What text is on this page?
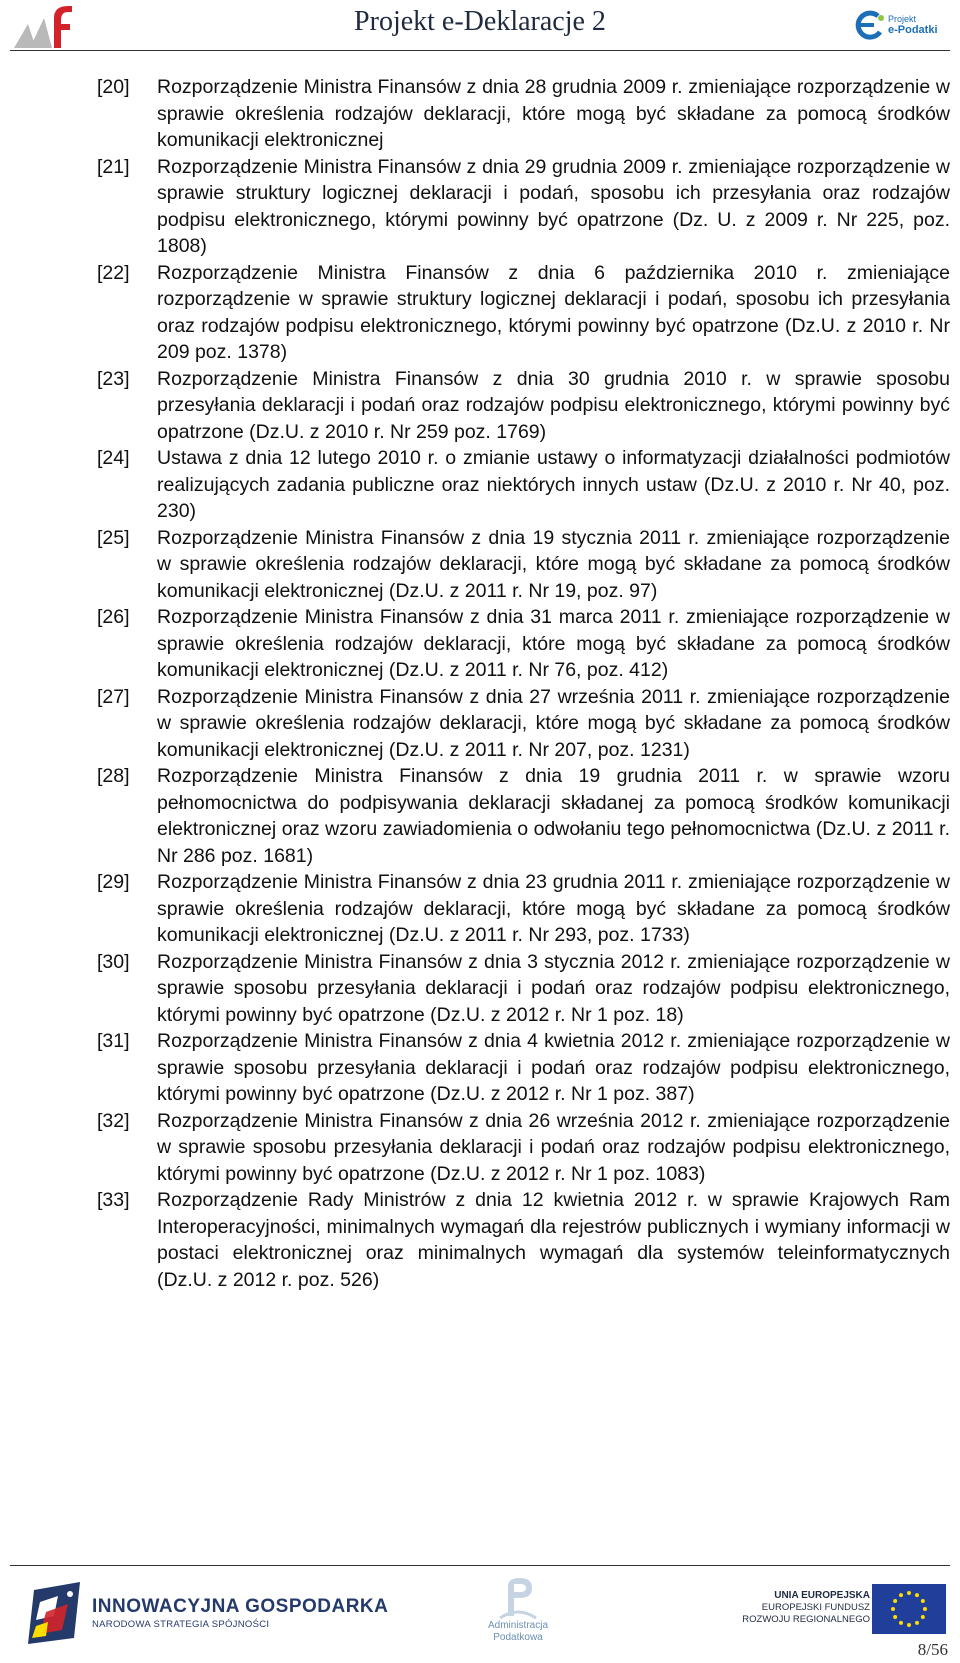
Projekt e-Deklaracje 2	Projekt
e-Podatki
[20]	Rozporządzenie Ministra Finansów z dnia 28 grudnia 2009 r. zmieniające rozporządzenie w sprawie określenia rodzajów deklaracji, które mogą być składane za pomocą środków komunikacji elektronicznej
[21]	Rozporządzenie Ministra Finansów z dnia 29 grudnia 2009 r. zmieniające rozporządzenie w sprawie struktury logicznej deklaracji i podań, sposobu ich przesyłania oraz rodzajów podpisu elektronicznego, którymi powinny być opatrzone (Dz. U. z 2009 r. Nr 225, poz. 1808)
[22]	Rozporządzenie Ministra Finansów z dnia 6 października 2010 r. zmieniające rozporządzenie w sprawie struktury logicznej deklaracji i podań, sposobu ich przesyłania oraz rodzajów podpisu elektronicznego, którymi powinny być opatrzone (Dz.U. z 2010 r. Nr 209 poz. 1378)
[23]	Rozporządzenie Ministra Finansów z dnia 30 grudnia 2010 r. w sprawie sposobu przesyłania deklaracji i podań oraz rodzajów podpisu elektronicznego, którymi powinny być opatrzone (Dz.U. z 2010 r. Nr 259 poz. 1769)
[24]	Ustawa z dnia 12 lutego 2010 r. o zmianie ustawy o informatyzacji działalności podmiotów realizujących zadania publiczne oraz niektórych innych ustaw (Dz.U. z 2010 r. Nr 40, poz. 230)
[25]	Rozporządzenie Ministra Finansów z dnia 19 stycznia 2011 r. zmieniające rozporządzenie w sprawie określenia rodzajów deklaracji, które mogą być składane za pomocą środków komunikacji elektronicznej (Dz.U. z 2011 r. Nr 19, poz. 97)
[26]	Rozporządzenie Ministra Finansów z dnia 31 marca 2011 r. zmieniające rozporządzenie w sprawie określenia rodzajów deklaracji, które mogą być składane za pomocą środków komunikacji elektronicznej (Dz.U. z 2011 r. Nr 76, poz. 412)
[27]	Rozporządzenie Ministra Finansów z dnia 27 września 2011 r. zmieniające rozporządzenie w sprawie określenia rodzajów deklaracji, które mogą być składane za pomocą środków komunikacji elektronicznej (Dz.U. z 2011 r. Nr 207, poz. 1231)
[28]	Rozporządzenie Ministra Finansów z dnia 19 grudnia 2011 r. w sprawie wzoru pełnomocnictwa do podpisywania deklaracji składanej za pomocą środków komunikacji elektronicznej oraz wzoru zawiadomienia o odwołaniu tego pełnomocnictwa (Dz.U. z 2011 r. Nr 286 poz. 1681)
[29]	Rozporządzenie Ministra Finansów z dnia 23 grudnia 2011 r. zmieniające rozporządzenie w sprawie określenia rodzajów deklaracji, które mogą być składane za pomocą środków komunikacji elektronicznej (Dz.U. z 2011 r. Nr 293, poz. 1733)
[30]	Rozporządzenie Ministra Finansów z dnia 3 stycznia 2012 r. zmieniające rozporządzenie w sprawie sposobu przesyłania deklaracji i podań oraz rodzajów podpisu elektronicznego, którymi powinny być opatrzone (Dz.U. z 2012 r. Nr 1 poz. 18)
[31]	Rozporządzenie Ministra Finansów z dnia 4 kwietnia 2012 r. zmieniające rozporządzenie w sprawie sposobu przesyłania deklaracji i podań oraz rodzajów podpisu elektronicznego, którymi powinny być opatrzone (Dz.U. z 2012 r. Nr 1 poz. 387)
[32]	Rozporządzenie Ministra Finansów z dnia 26 września 2012 r. zmieniające rozporządzenie w sprawie sposobu przesyłania deklaracji i podań oraz rodzajów podpisu elektronicznego, którymi powinny być opatrzone (Dz.U. z 2012 r. Nr 1 poz. 1083)
[33]	Rozporządzenie Rady Ministrów z dnia 12 kwietnia 2012 r. w sprawie Krajowych Ram Interoperacyjności, minimalnych wymagań dla rejestrów publicznych i wymiany informacji w postaci elektronicznej oraz minimalnych wymagań dla systemów teleinformatycznych (Dz.U. z 2012 r. poz. 526)
INNOWACYJNA GOSPODARKA
NARODOWA STRATEGIA SPÓJNOŚCI	Administracja
Podatkowa
UNIA EUROPEJSKA
EUROPEJSKI FUNDUSZ
ROZWOJU REGIONALNEGO
8/56
